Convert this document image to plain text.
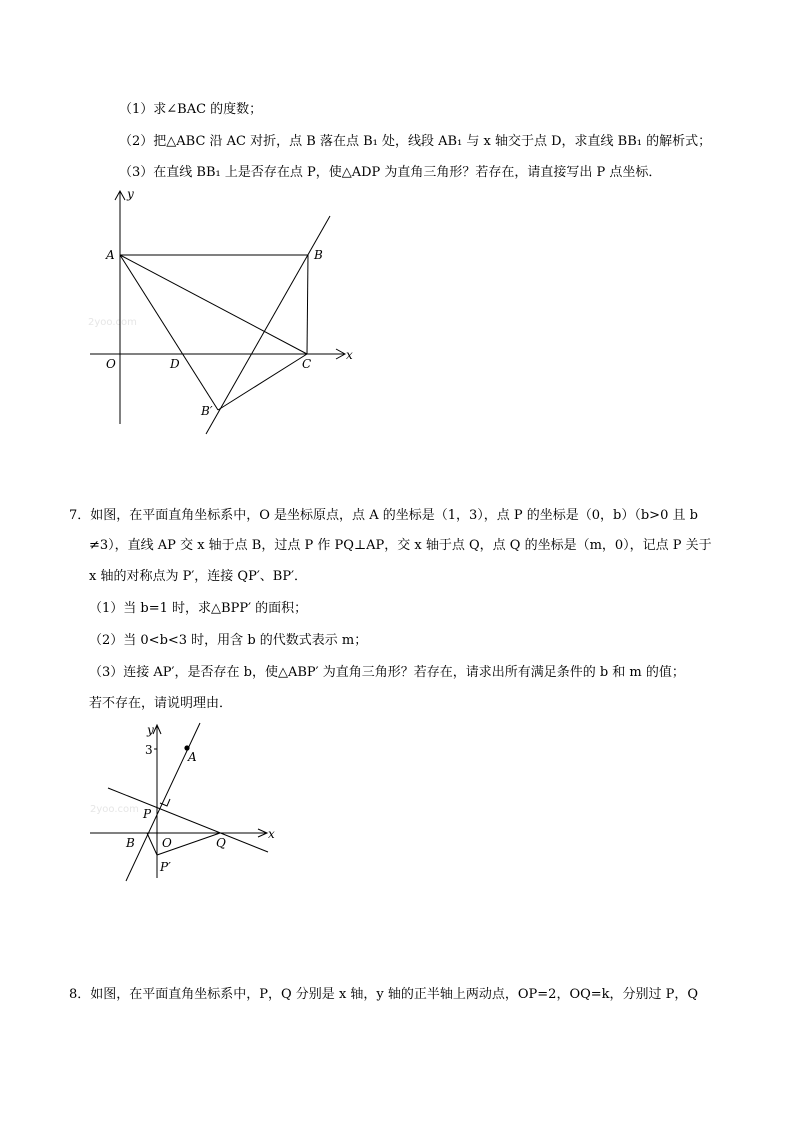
（1）求∠BAC 的度数；
（2）把△ABC 沿 AC 对折，点 B 落在点 B₁ 处，线段 AB₁ 与 x 轴交于点 D，求直线 BB₁ 的解析式；
（3）在直线 BB₁ 上是否存在点 P，使△ADP 为直角三角形？若存在，请直接写出 P 点坐标．
2yoo.com
y
x
A	B
O	D	C
B′
7．如图，在平面直角坐标系中，O 是坐标原点，点 A 的坐标是（1，3），点 P 的坐标是（0，b）（b>0 且 b
≠3），直线 AP 交 x 轴于点 B，过点 P 作 PQ⊥AP，交 x 轴于点 Q，点 Q 的坐标是（m，0），记点 P 关于
x 轴的对称点为 P′，连接 QP′、BP′．
（1）当 b=1 时，求△BPP′ 的面积；
（2）当 0<b<3 时，用含 b 的代数式表示 m；
（3）连接 AP′，是否存在 b，使△ABP′ 为直角三角形？若存在，请求出所有满足条件的 b 和 m 的值；
若不存在，请说明理由．
2yoo.com
y
3	A
P
x
B O	Q
P′
8．如图，在平面直角坐标系中，P，Q 分别是 x 轴，y 轴的正半轴上两动点，OP=2，OQ=k，分别过 P，Q
